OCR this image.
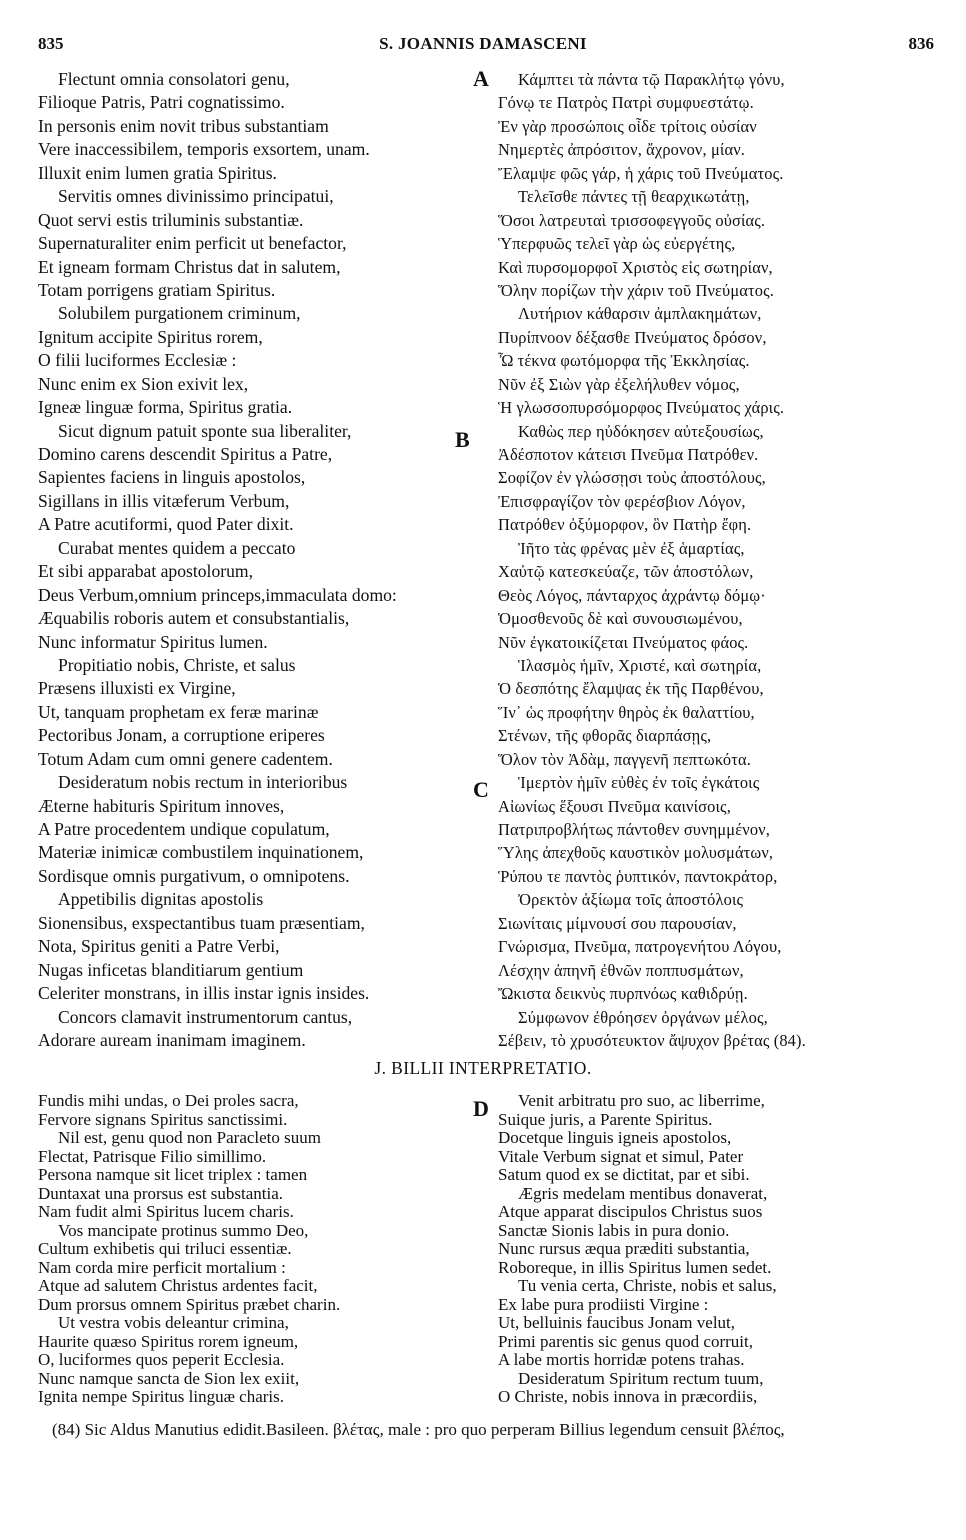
835	S. JOANNIS DAMASCENI	836
A
B
C
D
Flectunt omnia consolatori genu,
Filioque Patris, Patri cognatissimo.
In personis enim novit tribus substantiam
Vere inaccessibilem, temporis exsortem, unam.
Illuxit enim lumen gratia Spiritus.
Servitis omnes divinissimo principatui,
Quot servi estis triluminis substantiæ.
Supernaturaliter enim perficit ut benefactor,
Et igneam formam Christus dat in salutem,
Totam porrigens gratiam Spiritus.
Solubilem purgationem criminum,
Ignitum accipite Spiritus rorem,
O filii luciformes Ecclesiæ :
Nunc enim ex Sion exivit lex,
Igneæ linguæ forma, Spiritus gratia.
Sicut dignum patuit sponte sua liberaliter,
Domino carens descendit Spiritus a Patre,
Sapientes faciens in linguis apostolos,
Sigillans in illis vitæferum Verbum,
A Patre acutiformi, quod Pater dixit.
Curabat mentes quidem a peccato
Et sibi apparabat apostolorum,
Deus Verbum,omnium princeps,immaculata domo:
Æquabilis roboris autem et consubstantialis,
Nunc informatur Spiritus lumen.
Propitiatio nobis, Christe, et salus
Præsens illuxisti ex Virgine,
Ut, tanquam prophetam ex feræ marinæ
Pectoribus Jonam, a corruptione eriperes
Totum Adam cum omni genere cadentem.
Desideratum nobis rectum in interioribus
Æterne habituris Spiritum innoves,
A Patre procedentem undique copulatum,
Materiæ inimicæ combustilem inquinationem,
Sordisque omnis purgativum, o omnipotens.
Appetibilis dignitas apostolis
Sionensibus, exspectantibus tuam præsentiam,
Nota, Spiritus geniti a Patre Verbi,
Nugas inficetas blanditiarum gentium
Celeriter monstrans, in illis instar ignis insides.
Concors clamavit instrumentorum cantus,
Adorare auream inanimam imaginem.
Κάμπτει τὰ πάντα τῷ Παρακλήτῳ γόνυ,
Γόνῳ τε Πατρὸς Πατρὶ συμφυεστάτῳ.
Ἐν γὰρ προσώποις οἶδε τρίτοις οὐσίαν
Νημερτὲς ἀπρόσιτον, ἄχρονον, μίαν.
Ἔλαμψε φῶς γάρ, ἡ χάρις τοῦ Πνεύματος.
Τελεῖσθε πάντες τῇ θεαρχικωτάτῃ,
Ὅσοι λατρευταὶ τρισσοφεγγοῦς οὐσίας.
Ὑπερφυῶς τελεῖ γὰρ ὡς εὐεργέτης,
Καὶ πυρσομορφοῖ Χριστὸς εἰς σωτηρίαν,
Ὅλην πορίζων τὴν χάριν τοῦ Πνεύματος.
Λυτήριον κάθαρσιν ἀμπλακημάτων,
Πυρίπνοον δέξασθε Πνεύματος δρόσον,
Ὦ τέκνα φωτόμορφα τῆς Ἐκκλησίας.
Νῦν ἐξ Σιὼν γὰρ ἐξελήλυθεν νόμος,
Ἡ γλωσσοπυρσόμορφος Πνεύματος χάρις.
Καθὼς περ ηὐδόκησεν αὐτεξουσίως,
Ἀδέσποτον κάτεισι Πνεῦμα Πατρόθεν.
Σοφίζον ἐν γλώσσῃσι τοὺς ἀποστόλους,
Ἐπισφραγίζον τὸν φερέσβιον Λόγον,
Πατρόθεν ὀξύμορφον, ὃν Πατὴρ ἔφη.
Ἰῆτο τὰς φρένας μὲν ἐξ ἁμαρτίας,
Χαὐτῷ κατεσκεύαζε, τῶν ἀποστόλων,
Θεὸς Λόγος, πάνταρχος ἀχράντῳ δόμῳ·
Ὁμοσθενοῦς δὲ καὶ συνουσιωμένου,
Νῦν ἐγκατοικίζεται Πνεύματος φάος.
Ἱλασμὸς ἡμῖν, Χριστέ, καὶ σωτηρία,
Ὁ δεσπότης ἔλαμψας ἐκ τῆς Παρθένου,
Ἵν᾽ ὡς προφήτην θηρὸς ἐκ θαλαττίου,
Στένων, τῆς φθορᾶς διαρπάσῃς,
Ὅλον τὸν Ἀδὰμ, παγγενῆ πεπτωκότα.
Ἱμερτὸν ἡμῖν εὐθὲς ἐν τοῖς ἐγκάτοις
Αἰωνίως ἕξουσι Πνεῦμα καινίσοις,
Πατριπροβλήτως πάντοθεν συνημμένον,
Ὕλης ἀπεχθοῦς καυστικὸν μολυσμάτων,
Ῥύπου τε παντὸς ῥυπτικόν, παντοκράτορ,
Ὀρεκτὸν ἀξίωμα τοῖς ἀποστόλοις
Σιωνίταις μίμνουσί σου παρουσίαν,
Γνώρισμα, Πνεῦμα, πατρογενήτου Λόγου,
Λέσχην ἀπηνῆ ἐθνῶν ποππυσμάτων,
Ὤκιστα δεικνὺς πυρπνόως καθιδρύῃ.
Σύμφωνον ἐθρόησεν ὀργάνων μέλος,
Σέβειν, τὸ χρυσότευκτον ἄψυχον βρέτας (84).
J. BILLII INTERPRETATIO.
Fundis mihi undas, o Dei proles sacra,
Fervore signans Spiritus sanctissimi.
Nil est, genu quod non Paracleto suum
Flectat, Patrisque Filio simillimo.
Persona namque sit licet triplex : tamen
Duntaxat una prorsus est substantia.
Nam fudit almi Spiritus lucem charis.
Vos mancipate protinus summo Deo,
Cultum exhibetis qui triluci essentiæ.
Nam corda mire perficit mortalium :
Atque ad salutem Christus ardentes facit,
Dum prorsus omnem Spiritus præbet charin.
Ut vestra vobis deleantur crimina,
Haurite quæso Spiritus rorem igneum,
O, luciformes quos peperit Ecclesia.
Nunc namque sancta de Sion lex exiit,
Ignita nempe Spiritus linguæ charis.
Venit arbitratu pro suo, ac liberrime,
Suique juris, a Parente Spiritus.
Docetque linguis igneis apostolos,
Vitale Verbum signat et simul, Pater
Satum quod ex se dictitat, par et sibi.
Ægris medelam mentibus donaverat,
Atque apparat discipulos Christus suos
Sanctæ Sionis labis in pura donio.
Nunc rursus æqua præditi substantia,
Roboreque, in illis Spiritus lumen sedet.
Tu venia certa, Christe, nobis et salus,
Ex labe pura prodiisti Virgine :
Ut, belluinis faucibus Jonam velut,
Primi parentis sic genus quod corruit,
A labe mortis horridæ potens trahas.
Desideratum Spiritum rectum tuum,
O Christe, nobis innova in præcordiis,
(84) Sic Aldus Manutius edidit.Basileen. βλέτας, male : pro quo perperam Billius legendum censuit βλέπος,
